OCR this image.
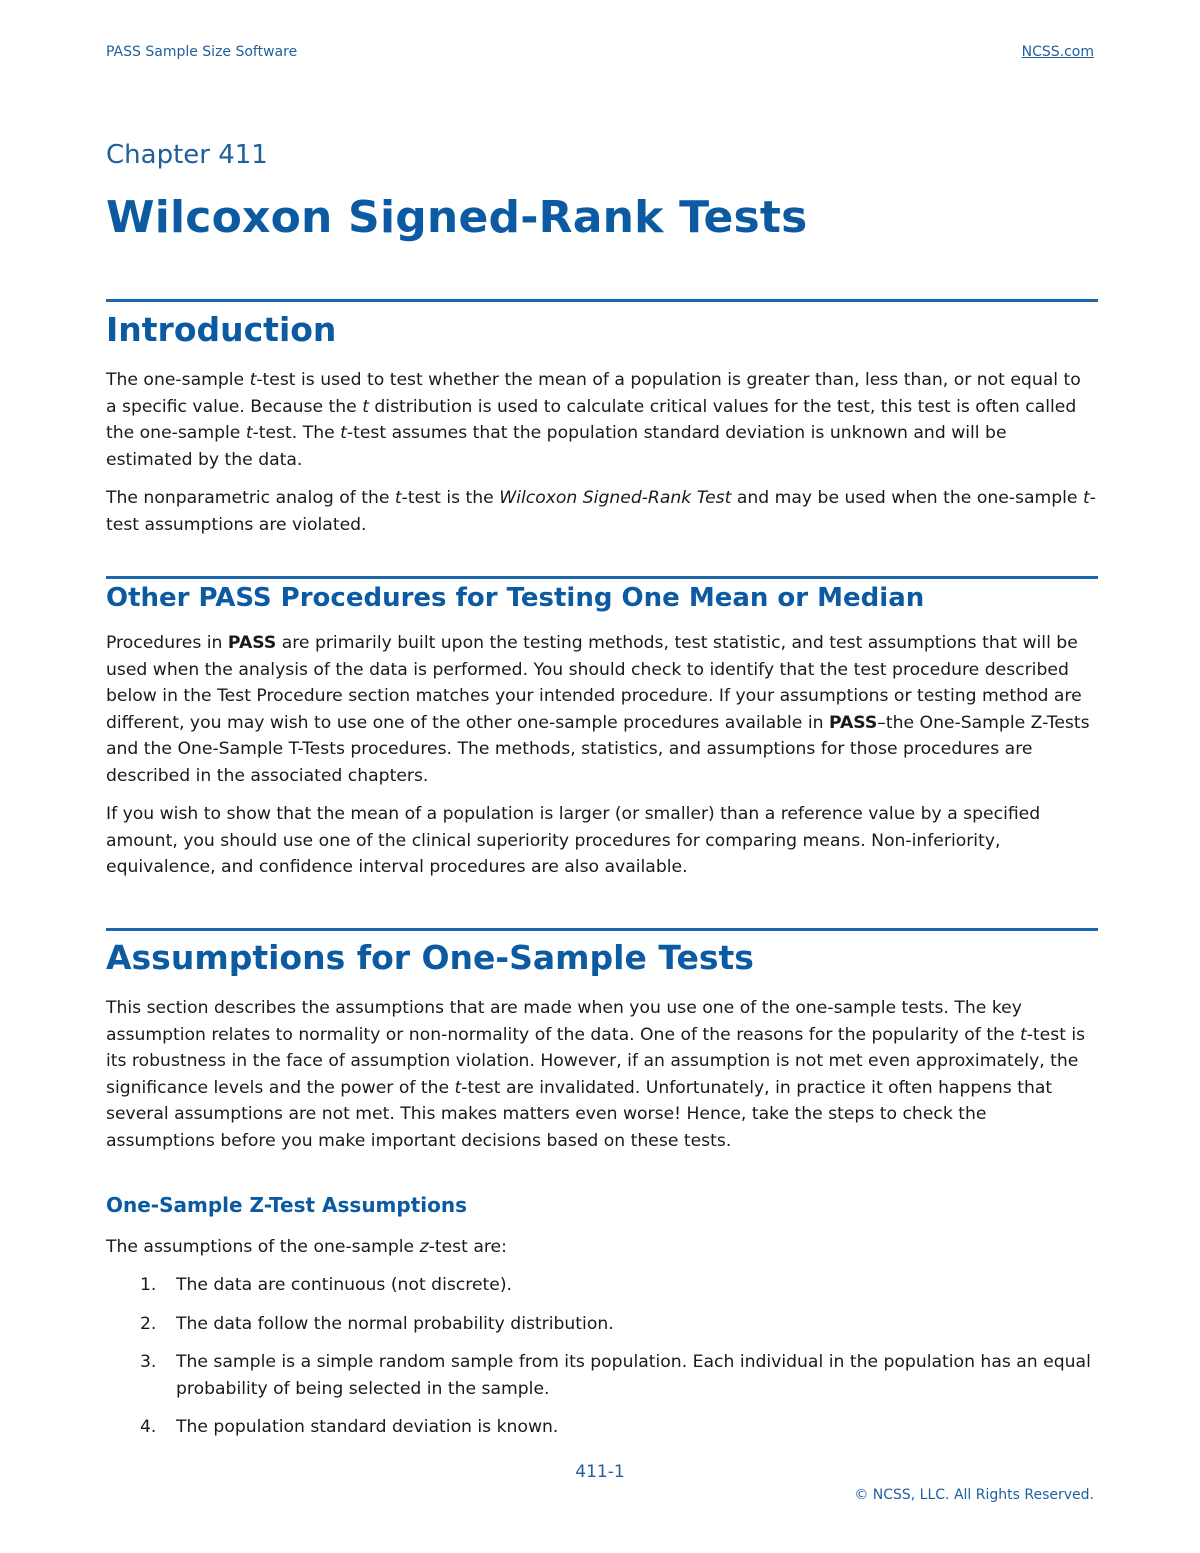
PASS Sample Size Software	NCSS.com
Chapter 411
Wilcoxon Signed-Rank Tests
Introduction

The one-sample t-test is used to test whether the mean of a population is greater than, less than, or not equal to a specific value. Because the t distribution is used to calculate critical values for the test, this test is often called the one-sample t-test. The t-test assumes that the population standard deviation is unknown and will be estimated by the data.

The nonparametric analog of the t-test is the Wilcoxon Signed-Rank Test and may be used when the one-sample t-test assumptions are violated.

Other PASS Procedures for Testing One Mean or Median

Procedures in PASS are primarily built upon the testing methods, test statistic, and test assumptions that will be used when the analysis of the data is performed. You should check to identify that the test procedure described below in the Test Procedure section matches your intended procedure. If your assumptions or testing method are different, you may wish to use one of the other one-sample procedures available in PASS–the One-Sample Z-Tests and the One-Sample T-Tests procedures. The methods, statistics, and assumptions for those procedures are described in the associated chapters.

If you wish to show that the mean of a population is larger (or smaller) than a reference value by a specified amount, you should use one of the clinical superiority procedures for comparing means. Non-inferiority, equivalence, and confidence interval procedures are also available.

Assumptions for One-Sample Tests

This section describes the assumptions that are made when you use one of the one-sample tests. The key assumption relates to normality or non-normality of the data. One of the reasons for the popularity of the t-test is its robustness in the face of assumption violation. However, if an assumption is not met even approximately, the significance levels and the power of the t-test are invalidated. Unfortunately, in practice it often happens that several assumptions are not met. This makes matters even worse! Hence, take the steps to check the assumptions before you make important decisions based on these tests.

One-Sample Z-Test Assumptions

The assumptions of the one-sample z-test are:

1. The data are continuous (not discrete).
2. The data follow the normal probability distribution.
3. The sample is a simple random sample from its population. Each individual in the population has an equal probability of being selected in the sample.
4. The population standard deviation is known.
411-1
© NCSS, LLC. All Rights Reserved.
